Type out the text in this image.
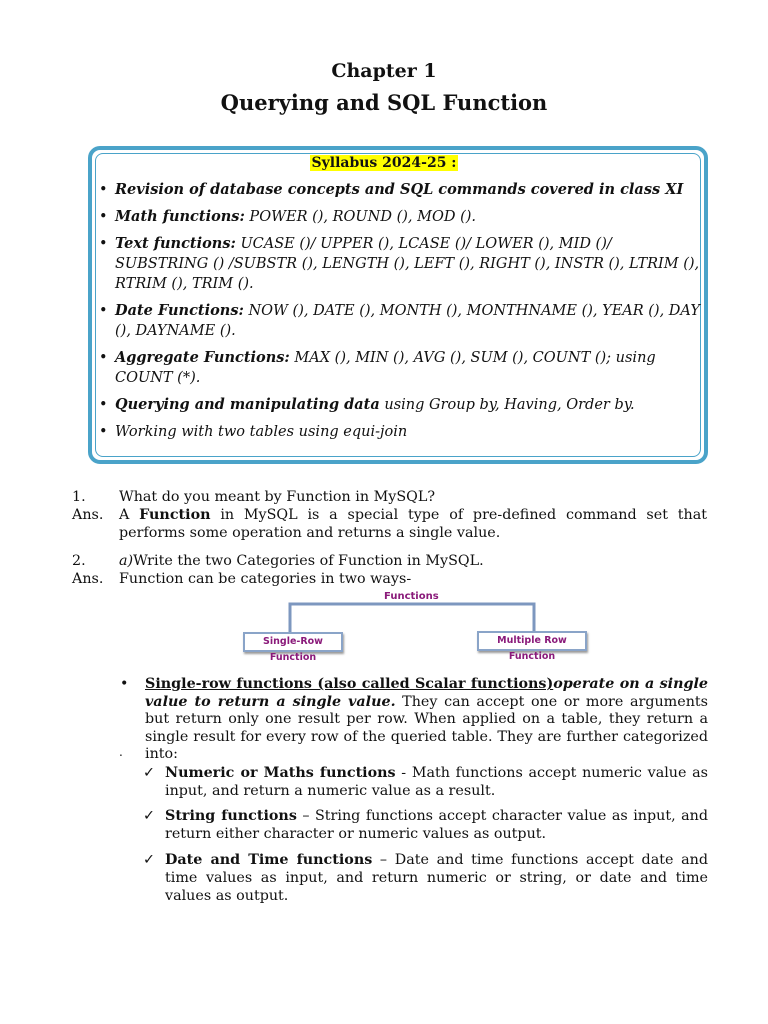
Chapter 1
Querying and SQL Function
Syllabus 2024-25 :
• Revision of database concepts and SQL commands covered in class XI
• Math functions: POWER (), ROUND (), MOD ().
• Text functions: UCASE ()/ UPPER (), LCASE ()/ LOWER (), MID ()/ SUBSTRING () /SUBSTR (), LENGTH (), LEFT (), RIGHT (), INSTR (), LTRIM (), RTRIM (), TRIM ().
• Date Functions: NOW (), DATE (), MONTH (), MONTHNAME (), YEAR (), DAY (), DAYNAME ().
• Aggregate Functions: MAX (), MIN (), AVG (), SUM (), COUNT (); using COUNT (*).
• Querying and manipulating data using Group by, Having, Order by.
• Working with two tables using equi-join
1. What do you meant by Function in MySQL?
Ans. A Function in MySQL is a special type of pre-defined command set that performs some operation and returns a single value.
2. a)Write the two Categories of Function in MySQL.
Ans. Function can be categories in two ways-
Functions
Single-Row Function
Multiple Row Function
• Single-row functions (also called Scalar functions)operate on a single value to return a single value. They can accept one or more arguments but return only one result per row. When applied on a table, they return a single result for every row of the queried table. They are further categorized into:
.
✓ Numeric or Maths functions - Math functions accept numeric value as input, and return a numeric value as a result.
✓ String functions – String functions accept character value as input, and return either character or numeric values as output.
✓ Date and Time functions – Date and time functions accept date and time values as input, and return numeric or string, or date and time values as output.
